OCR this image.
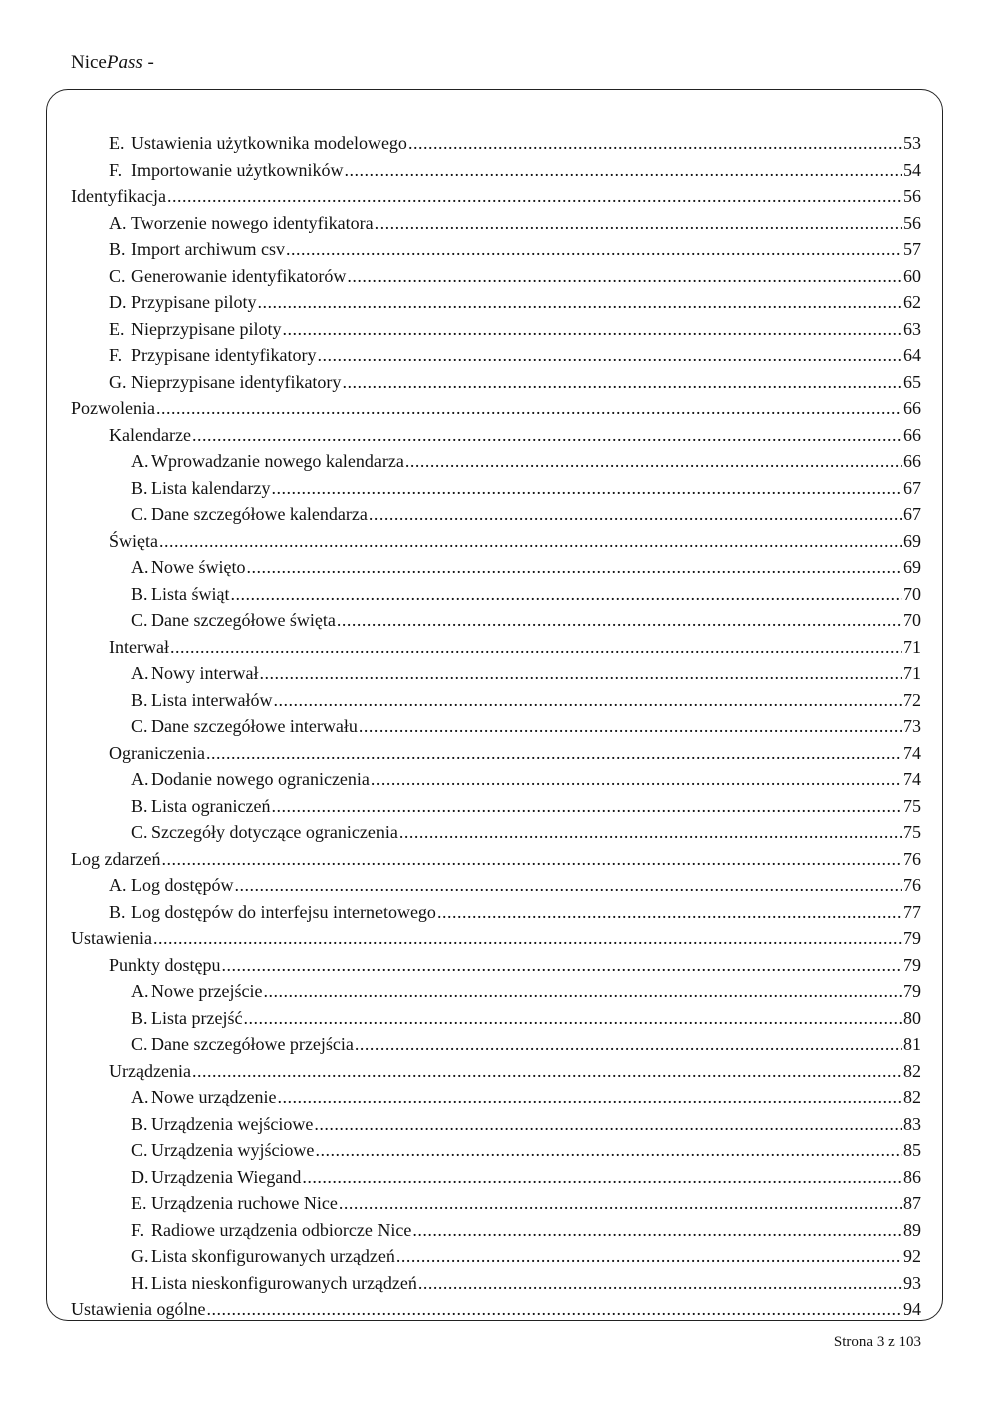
NicePass -
E. Ustawienia użytkownika modelowego .....	53
F. Importowanie użytkowników .....	54
Identyfikacja .....	56
A. Tworzenie nowego identyfikatora .....	56
B. Import archiwum csv .....	57
C. Generowanie identyfikatorów .....	60
D. Przypisane piloty .....	62
E. Nieprzypisane piloty .....	63
F. Przypisane identyfikatory .....	64
G. Nieprzypisane identyfikatory .....	65
Pozwolenia .....	66
Kalendarze .....	66
A. Wprowadzanie nowego kalendarza .....	66
B. Lista kalendarzy .....	67
C. Dane szczegółowe kalendarza .....	67
Święta .....	69
A. Nowe święto .....	69
B. Lista świąt .....	70
C. Dane szczegółowe święta .....	70
Interwał .....	71
A. Nowy interwał .....	71
B. Lista interwałów .....	72
C. Dane szczegółowe interwału .....	73
Ograniczenia .....	74
A. Dodanie nowego ograniczenia .....	74
B. Lista ograniczeń .....	75
C. Szczegóły dotyczące ograniczenia .....	75
Log zdarzeń .....	76
A. Log dostępów .....	76
B. Log dostępów do interfejsu internetowego .....	77
Ustawienia .....	79
Punkty dostępu .....	79
A. Nowe przejście .....	79
B. Lista przejść .....	80
C. Dane szczegółowe przejścia .....	81
Urządzenia .....	82
A. Nowe urządzenie .....	82
B. Urządzenia wejściowe .....	83
C. Urządzenia wyjściowe .....	85
D. Urządzenia Wiegand .....	86
E. Urządzenia ruchowe Nice .....	87
F. Radiowe urządzenia odbiorcze Nice .....	89
G. Lista skonfigurowanych urządzeń .....	92
H. Lista nieskonfigurowanych urządzeń .....	93
Ustawienia ogólne .....	94
Strona 3 z 103
